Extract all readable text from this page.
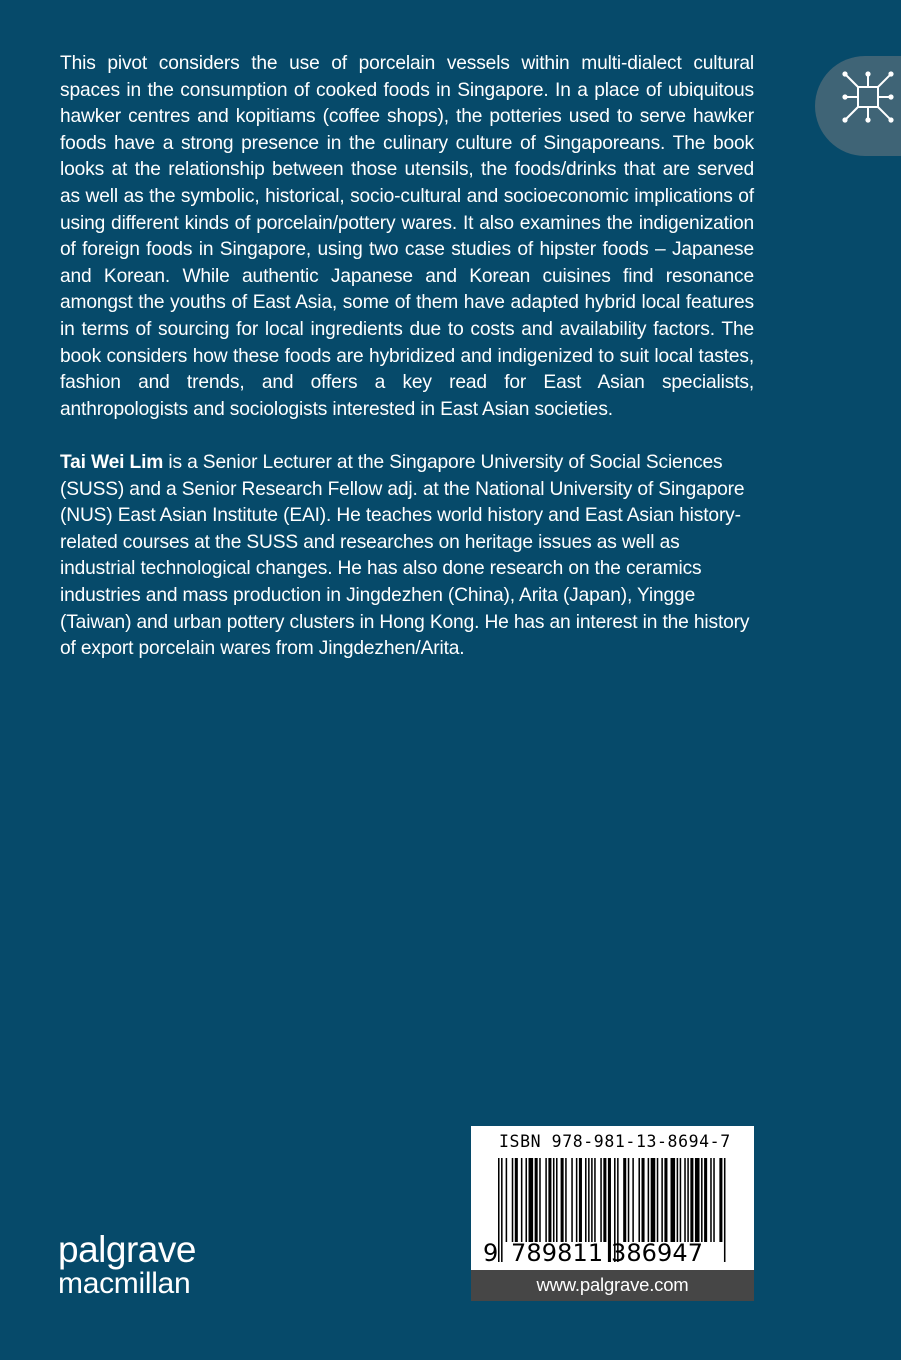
This pivot considers the use of porcelain vessels within multi-dialect cultural spaces in the consumption of cooked foods in Singapore. In a place of ubiquitous hawker centres and kopitiams (coffee shops), the potteries used to serve hawker foods have a strong presence in the culinary culture of Singaporeans. The book looks at the relationship between those utensils, the foods/drinks that are served as well as the symbolic, historical, socio-cultural and socioeconomic implications of using different kinds of porcelain/pottery wares. It also examines the indigenization of foreign foods in Singapore, using two case studies of hipster foods – Japanese and Korean. While authentic Japanese and Korean cuisines find resonance amongst the youths of East Asia, some of them have adapted hybrid local features in terms of sourcing for local ingredients due to costs and availability factors. The book considers how these foods are hybridized and indigenized to suit local tastes, fashion and trends, and offers a key read for East Asian specialists, anthropologists and sociologists interested in East Asian societies.

Tai Wei Lim is a Senior Lecturer at the Singapore University of Social Sciences (SUSS) and a Senior Research Fellow adj. at the National University of Singapore (NUS) East Asian Institute (EAI). He teaches world history and East Asian history-related courses at the SUSS and researches on heritage issues as well as industrial technological changes. He has also done research on the ceramics industries and mass production in Jingdezhen (China), Arita (Japan), Yingge (Taiwan) and urban pottery clusters in Hong Kong. He has an interest in the history of export porcelain wares from Jingdezhen/Arita.

palgrave
macmillan
ISBN 978-981-13-8694-7
9 789811 386947
www.palgrave.com
